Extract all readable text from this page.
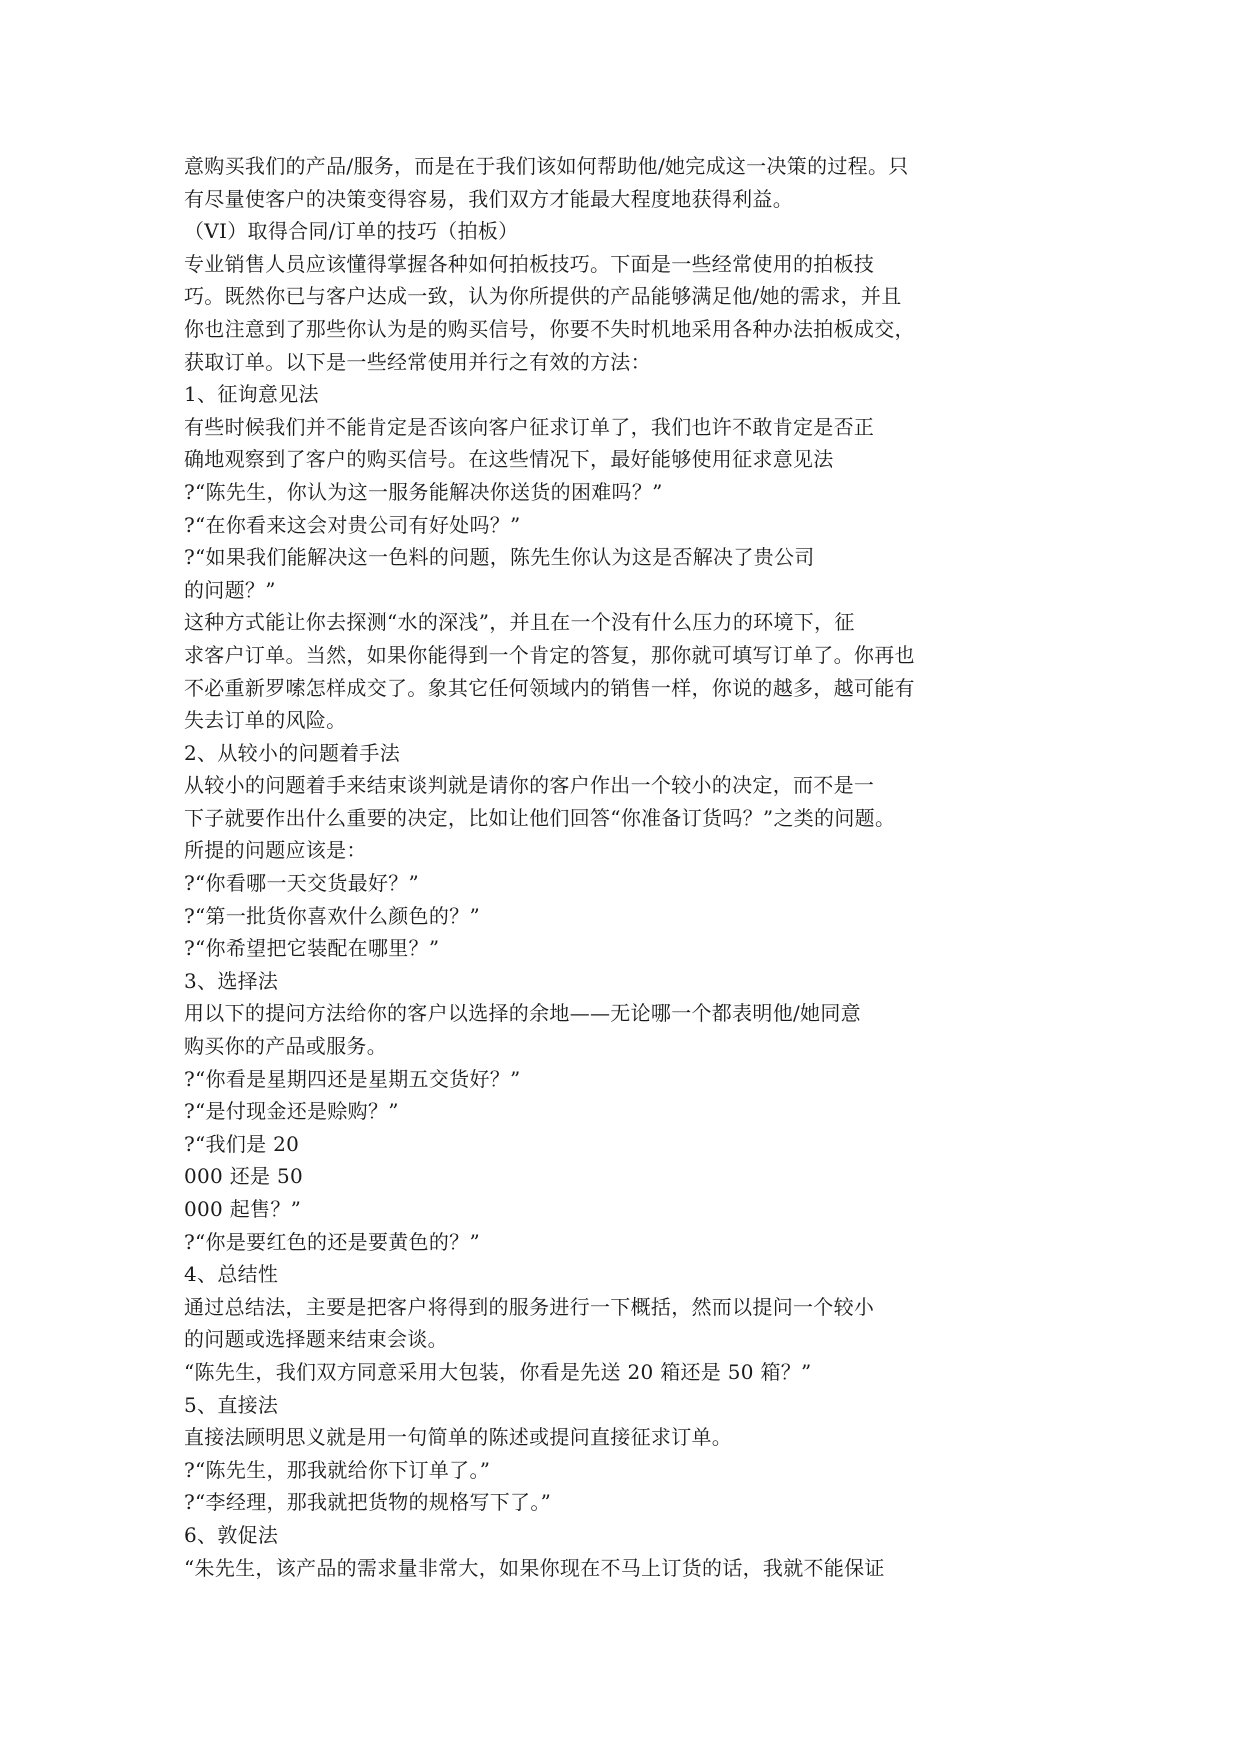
意购买我们的产品/服务，而是在于我们该如何帮助他/她完成这一决策的过程。只
有尽量使客户的决策变得容易，我们双方才能最大程度地获得利益。
（VI）取得合同/订单的技巧（拍板）
专业销售人员应该懂得掌握各种如何拍板技巧。下面是一些经常使用的拍板技
巧。既然你已与客户达成一致，认为你所提供的产品能够满足他/她的需求，并且
你也注意到了那些你认为是的购买信号，你要不失时机地采用各种办法拍板成交，
获取订单。以下是一些经常使用并行之有效的方法：
1、征询意见法
有些时候我们并不能肯定是否该向客户征求订单了，我们也许不敢肯定是否正
确地观察到了客户的购买信号。在这些情况下，最好能够使用征求意见法
?“陈先生，你认为这一服务能解决你送货的困难吗？”
?“在你看来这会对贵公司有好处吗？”
?“如果我们能解决这一色料的问题，陈先生你认为这是否解决了贵公司
的问题？”
这种方式能让你去探测“水的深浅”，并且在一个没有什么压力的环境下，征
求客户订单。当然，如果你能得到一个肯定的答复，那你就可填写订单了。你再也
不必重新罗嗦怎样成交了。象其它任何领域内的销售一样，你说的越多，越可能有
失去订单的风险。
2、从较小的问题着手法
从较小的问题着手来结束谈判就是请你的客户作出一个较小的决定，而不是一
下子就要作出什么重要的决定，比如让他们回答“你准备订货吗？”之类的问题。
所提的问题应该是：
?“你看哪一天交货最好？”
?“第一批货你喜欢什么颜色的？”
?“你希望把它装配在哪里？”
3、选择法
用以下的提问方法给你的客户以选择的余地——无论哪一个都表明他/她同意
购买你的产品或服务。
?“你看是星期四还是星期五交货好？”
?“是付现金还是赊购？”
?“我们是 20
000 还是 50
000 起售？”
?“你是要红色的还是要黄色的？”
4、总结性
通过总结法，主要是把客户将得到的服务进行一下概括，然而以提问一个较小
的问题或选择题来结束会谈。
“陈先生，我们双方同意采用大包装，你看是先送 20 箱还是 50 箱？”
5、直接法
直接法顾明思义就是用一句简单的陈述或提问直接征求订单。
?“陈先生，那我就给你下订单了。”
?“李经理，那我就把货物的规格写下了。”
6、敦促法
“朱先生，该产品的需求量非常大，如果你现在不马上订货的话，我就不能保证
